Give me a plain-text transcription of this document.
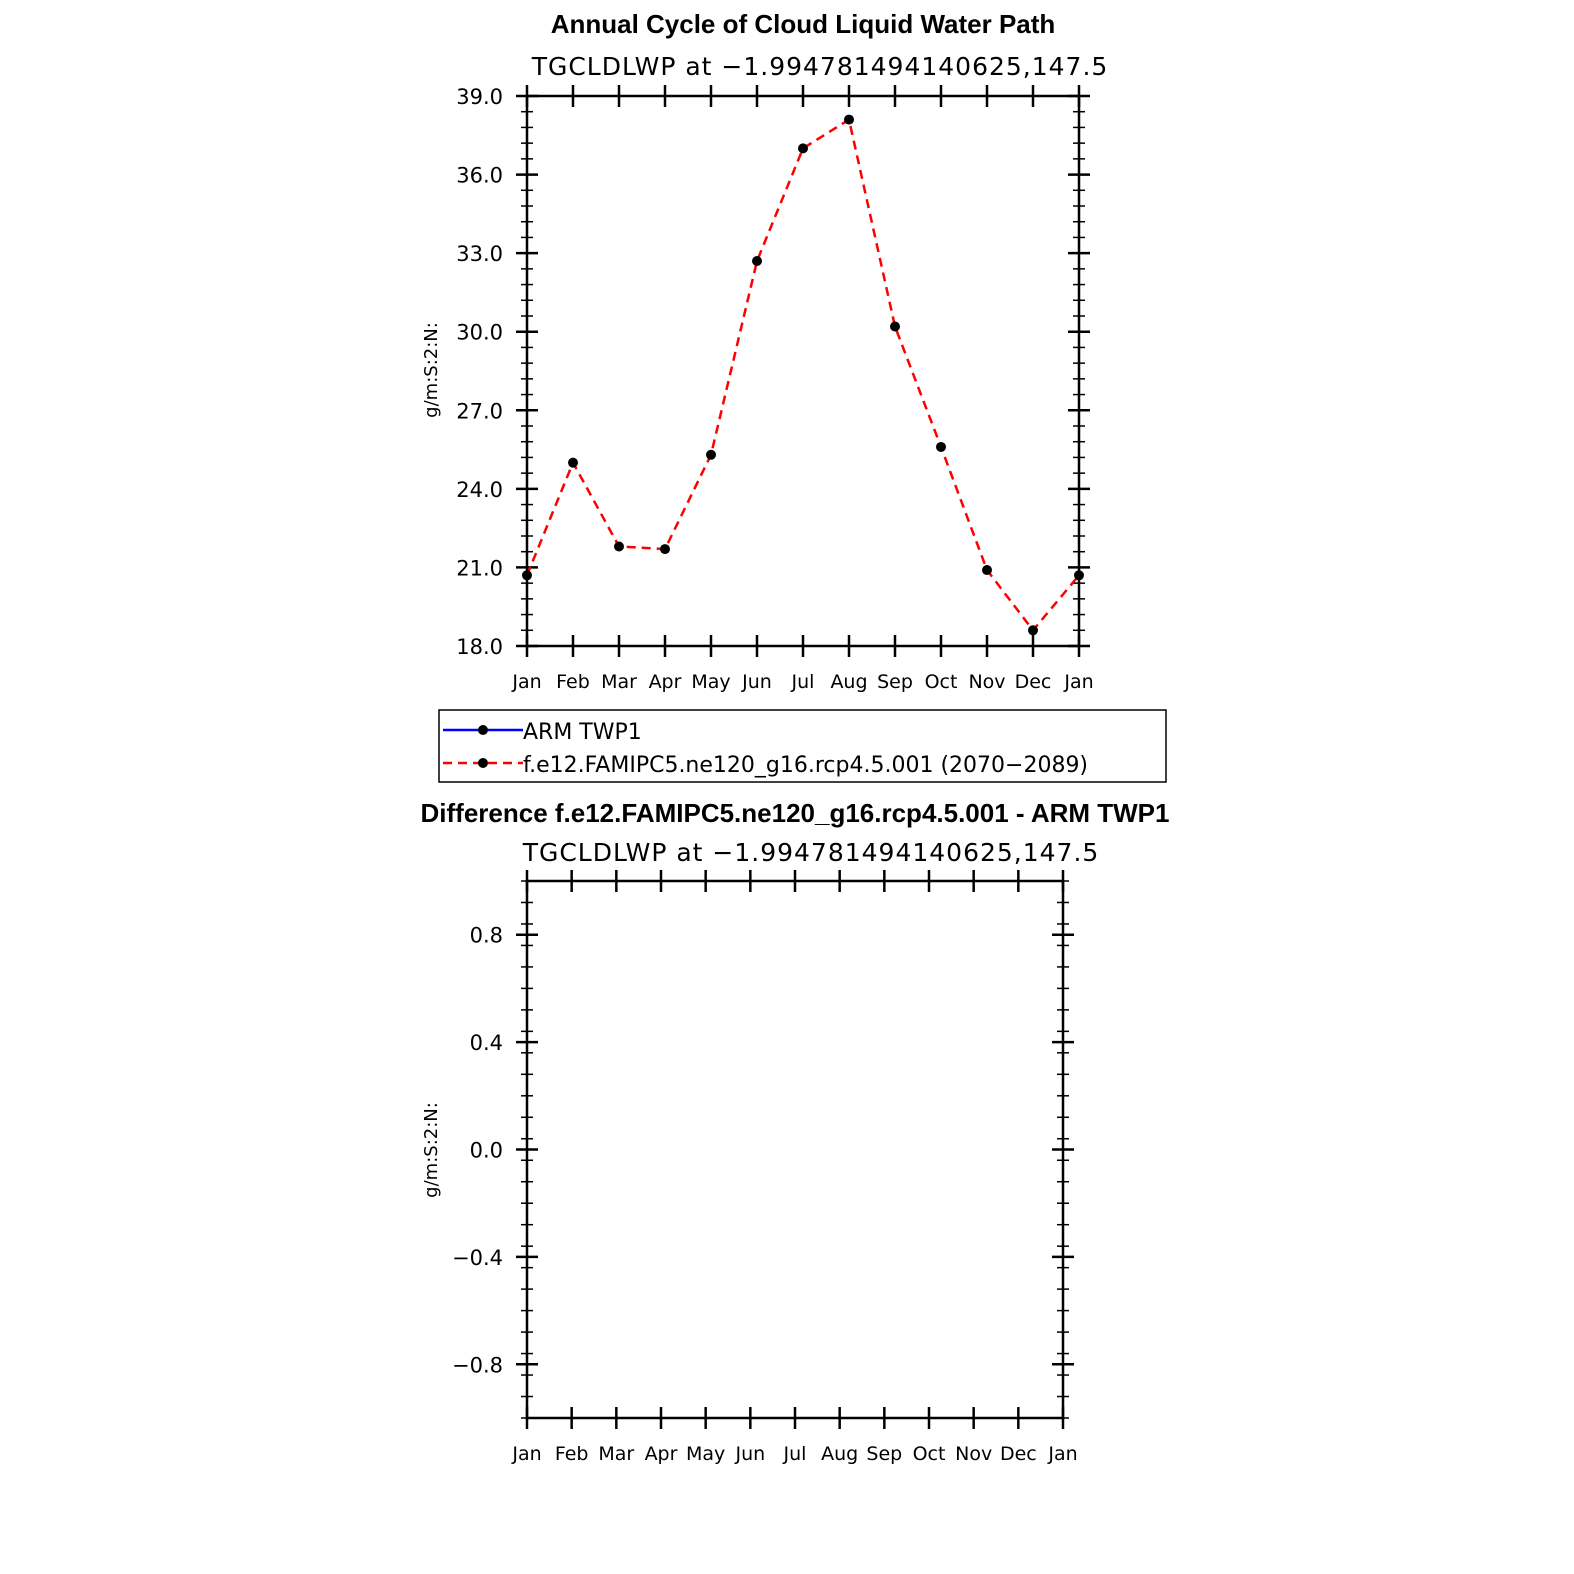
Annual Cycle of Cloud Liquid Water Path
TGCLDLWP at −1.994781494140625,147.5
g/m:S:2:N:
18.0
21.0
24.0
27.0
30.0
33.0
36.0
39.0
Jan Feb Mar Apr May Jun Jul Aug Sep Oct Nov Dec Jan
ARM TWP1
f.e12.FAMIPC5.ne120_g16.rcp4.5.001 (2070−2089)
Difference f.e12.FAMIPC5.ne120_g16.rcp4.5.001 - ARM TWP1
TGCLDLWP at −1.994781494140625,147.5
g/m:S:2:N:
−0.8
−0.4
0.0
0.4
0.8
Jan Feb Mar Apr May Jun Jul Aug Sep Oct Nov Dec Jan
